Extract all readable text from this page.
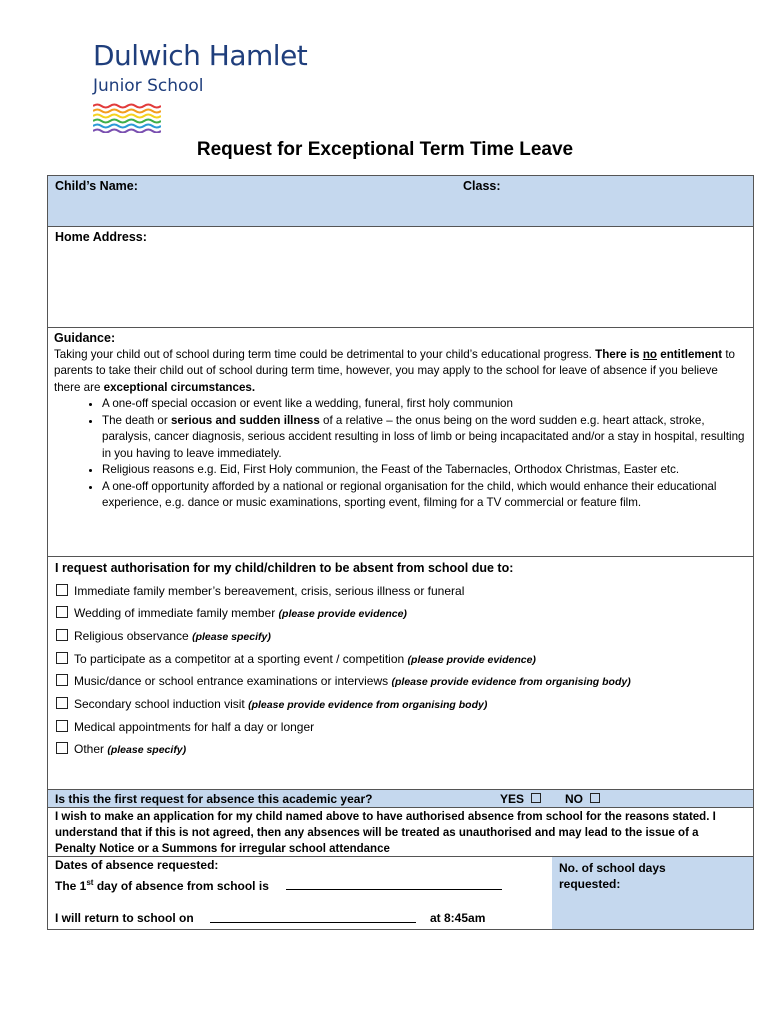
Dulwich Hamlet
Junior School
Request for Exceptional Term Time Leave
Child’s Name:	Class:
Home Address:
Guidance:
Taking your child out of school during term time could be detrimental to your child’s educational progress. There is no entitlement to parents to take their child out of school during term time, however, you may apply to the school for leave of absence if you believe there are exceptional circumstances.
• A one-off special occasion or event like a wedding, funeral, first holy communion
• The death or serious and sudden illness of a relative – the onus being on the word sudden e.g. heart attack, stroke, paralysis, cancer diagnosis, serious accident resulting in loss of limb or being incapacitated and/or a stay in hospital, resulting in you having to leave immediately.
• Religious reasons e.g. Eid, First Holy communion, the Feast of the Tabernacles, Orthodox Christmas, Easter etc.
• A one-off opportunity afforded by a national or regional organisation for the child, which would enhance their educational experience, e.g. dance or music examinations, sporting event, filming for a TV commercial or feature film.
I request authorisation for my child/children to be absent from school due to:
Immediate family member’s bereavement, crisis, serious illness or funeral
Wedding of immediate family member (please provide evidence)
Religious observance (please specify)
To participate as a competitor at a sporting event / competition (please provide evidence)
Music/dance or school entrance examinations or interviews (please provide evidence from organising body)
Secondary school induction visit (please provide evidence from organising body)
Medical appointments for half a day or longer
Other (please specify)
Is this the first request for absence this academic year?	YES	NO
I wish to make an application for my child named above to have authorised absence from school for the reasons stated. I understand that if this is not agreed, then any absences will be treated as unauthorised and may lead to the issue of a Penalty Notice or a Summons for irregular school attendance
Dates of absence requested:
The 1st day of absence from school is
I will return to school on	at 8:45am
No. of school days requested:
